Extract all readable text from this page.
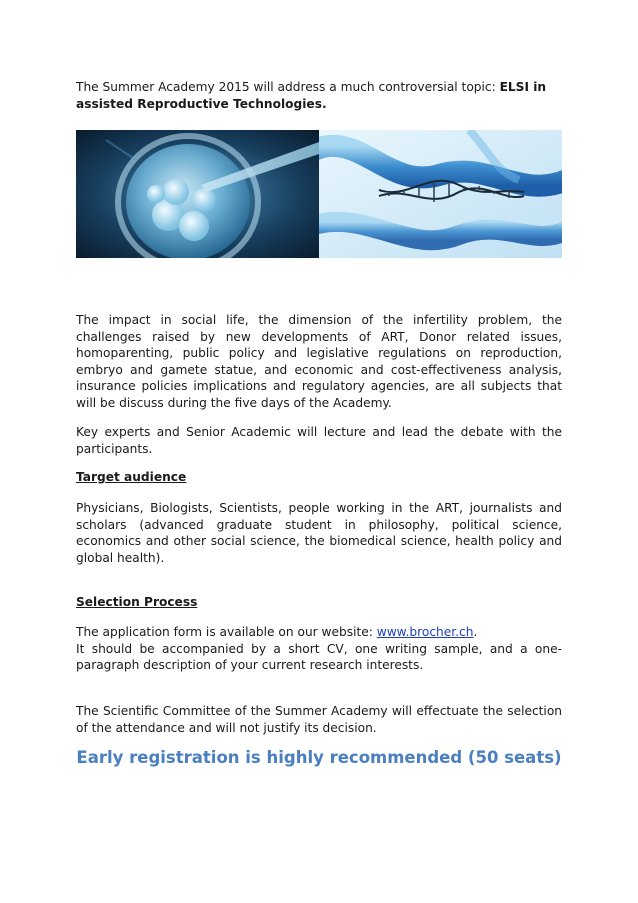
The Summer Academy 2015 will address a much controversial topic: ELSI in assisted Reproductive Technologies.

The impact in social life, the dimension of the infertility problem, the challenges raised by new developments of ART, Donor related issues, homoparenting, public policy and legislative regulations on reproduction, embryo and gamete statue, and economic and cost-effectiveness analysis, insurance policies implications and regulatory agencies, are all subjects that will be discuss during the five days of the Academy.

Key experts and Senior Academic will lecture and lead the debate with the participants.

Target audience

Physicians, Biologists, Scientists, people working in the ART, journalists and scholars (advanced graduate student in philosophy, political science, economics and other social science, the biomedical science, health policy and global health).

Selection Process

The application form is available on our website: www.brocher.ch.
It should be accompanied by a short CV, one writing sample, and a one-paragraph description of your current research interests.

The Scientific Committee of the Summer Academy will effectuate the selection of the attendance and will not justify its decision.

Early registration is highly recommended (50 seats)
